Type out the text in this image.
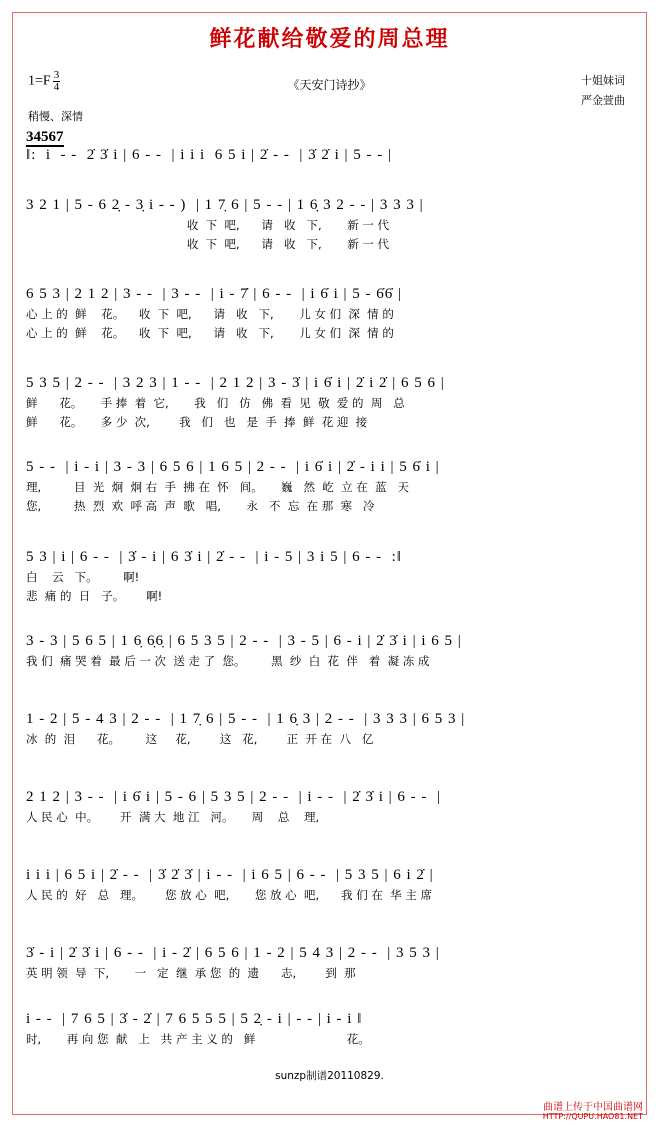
鲜花献给敬爱的周总理
$1=F \frac{3}{4}$	《天安门诗抄》	十姐妹词
严金萱曲
稍慢、深情
34567
‖:  i  - -  2̇ 3̇ i | 6 - -  | i i i  6 5 i | 2̇ - -  | 3̇ 2̇ i | 5 - - |
3 2 1 | 5 - 6 2̣ - 3̣ i - - )  | 1 7̣ 6 | 5 - - | 1 6̣ 3 2 - - | 3 3 3 |
收  下  吧,      请   收   下,       新 一 代
收  下  吧,      请   收   下,       新 一 代
6 5 3 | 2 1 2 | 3 - -  | 3 - -  | i - 7̇ | 6 - -  | i 6̇ i | 5 - 6̇6̇ |
心 上 的  鲜    花。    收  下  吧,      请   收   下,       儿 女 们  深  情 的
心 上 的  鲜    花。    收  下  吧,      请   收   下,       儿 女 们  深  情 的
5 3 5 | 2 - -  | 3 2 3 | 1 - -  | 2 1 2 | 3 - 3̇ | i 6̇ i | 2̇ i 2̇ | 6 5 6 |
鲜      花。     手 捧  着  它,       我   们   仿   佛  看  见  敬  爱 的  周   总
鲜      花。     多 少  次,        我   们   也   是  手  捧  鲜  花 迎  接
5 - -  | i - i | 3 - 3 | 6 5 6 | 1 6 5 | 2 - -  | i 6̇ i | 2̇ - i i | 5 6̇ i |
理,         目  光  炯  炯 右  手  拂 在  怀   间。     巍   然  屹  立 在  蓝   天
您,         热  烈  欢  呼 高  声  歌   唱,       永   不  忘  在 那  寒   冷
5 3 | i | 6 - -  | 3̇ - i | 6 3̇ i | 2̇ - -  | i - 5 | 3 i 5 | 6 - -  :‖
白    云   下。       啊!
悲  痛 的  日   子。      啊!
3 - 3 | 5 6 5 | 1 6̣ 6̣6̣ | 6 5 3 5 | 2 - -  | 3 - 5 | 6 - i | 2̇ 3̇ i | i 6 5 |
我 们  痛 哭 着  最 后 一 次  送 走 了  您。       黑  纱  白  花  伴   着  凝 冻 成
1 - 2 | 5 - 4 3 | 2 - -  | 1 7̣ 6 | 5 - -  | 1 6̣ 3 | 2 - -  | 3 3 3 | 6 5 3 |
冰  的  泪      花。       这     花,        这   花,        正  开 在  八   亿
2 1 2 | 3 - -  | i 6̇ i | 5 - 6 | 5 3 5 | 2 - -  | i - -  | 2̇ 3̇ i | 6 - -  |
人 民 心  中。      开  满 大  地 江   河。     周    总    理,
i i i | 6 5 i | 2̇ - -  | 3̇ 2̇ 3̇ | i - -  | i 6 5 | 6 - -  | 5 3 5 | 6 i 2̇ |
人 民 的  好   总   理。      您 放 心  吧,       您 放 心  吧,      我 们 在  华 主 席
3̇ - i | 2̇ 3̇ i | 6 - -  | i - 2̇ | 6 5 6 | 1 - 2 | 5 4 3 | 2 - -  | 3 5 3 |
英 明 领  导  下,       一   定  继  承 您  的  遗      志,        到  那
i - -  | 7 6 5 | 3̇ - 2̇ | 7 6 5 5 5 | 5 2̣ - i | - - | i - i ‖
时,       再 向 您  献   上   共 产 主 义 的   鲜                         花。
sunzp制谱20110829.
曲谱上传于中国曲谱网
HTTP://QUPU.HAO81.NET
